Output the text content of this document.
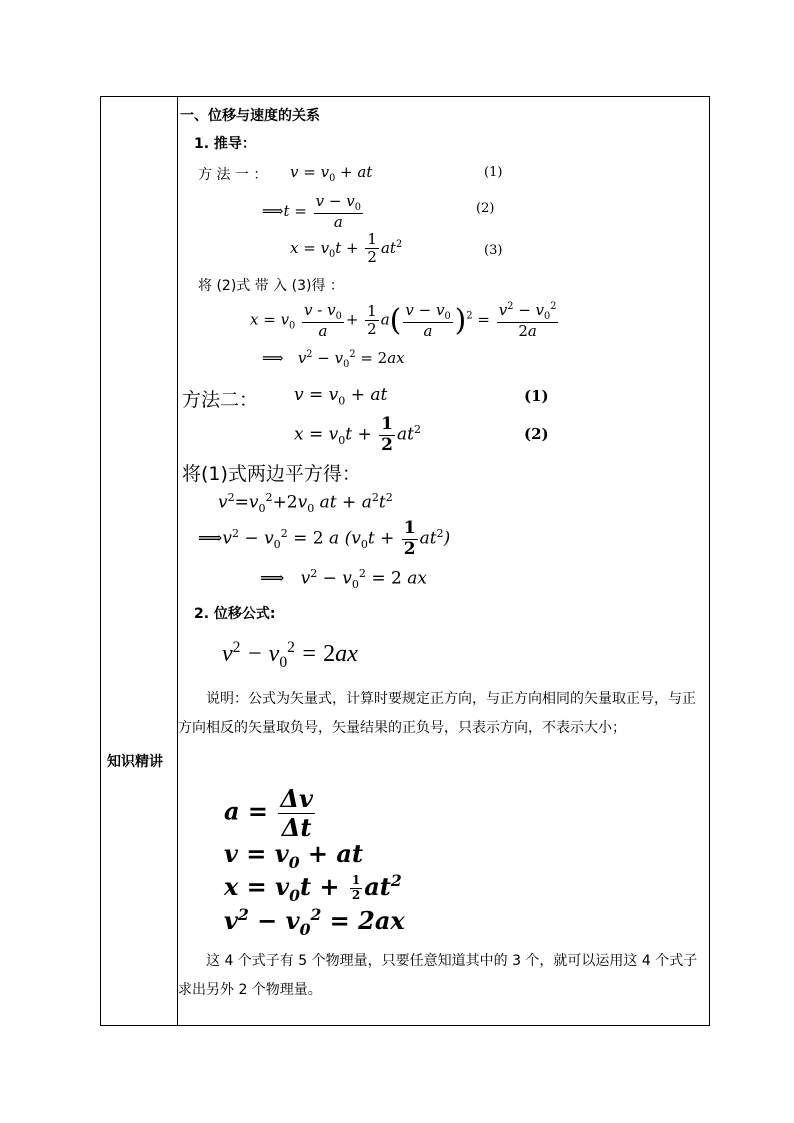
知识精讲
一、位移与速度的关系
1. 推导：
方 法 一 ： $v = v_0$ + at	(1)
⟹t = $\frac{v - v_0}{a}$	(2)
$x = v_0t + \frac{1}{2} at^2$	(3)
将 (2)式 带 入 (3)得 ：
$x = v_0 \frac{v - v_0}{a} + \frac{1}{2} a( \frac{v - v_0}{a} )^2 = \frac{v^2 - v_0^2}{2a}$
⟹   $v^2 - v_0^2 = 2ax$
方法二： $v = v_0$ + at	(1)
$x = v_0t + \frac{1}{2} at^2$	(2)
将(1)式两边平方得：
$v^2=v_0^2+2v_0$ at + $a^2t^2$
$⟹v^2 - v_0^2 = 2$ a $(v_0t + \frac{1}{2} at^2)$
⟹   $v^2 - v_0^2 = 2$ ax
2. 位移公式:
$v^2 - v_0^2 = 2ax$
说明：公式为矢量式，计算时要规定正方向，与正方向相同的矢量取正号，与正方向相反的矢量取负号，矢量结果的正负号，只表示方向，不表示大小；
$a = \frac{\Delta v}{\Delta t}$
$v = v_0$ + at
$x = v_0t + \frac{1}{2} at^2$
$v^2 - v_0^2 = 2ax$
这 4 个式子有 5 个物理量，只要任意知道其中的 3 个，就可以运用这 4 个式子求出另外 2 个物理量。
